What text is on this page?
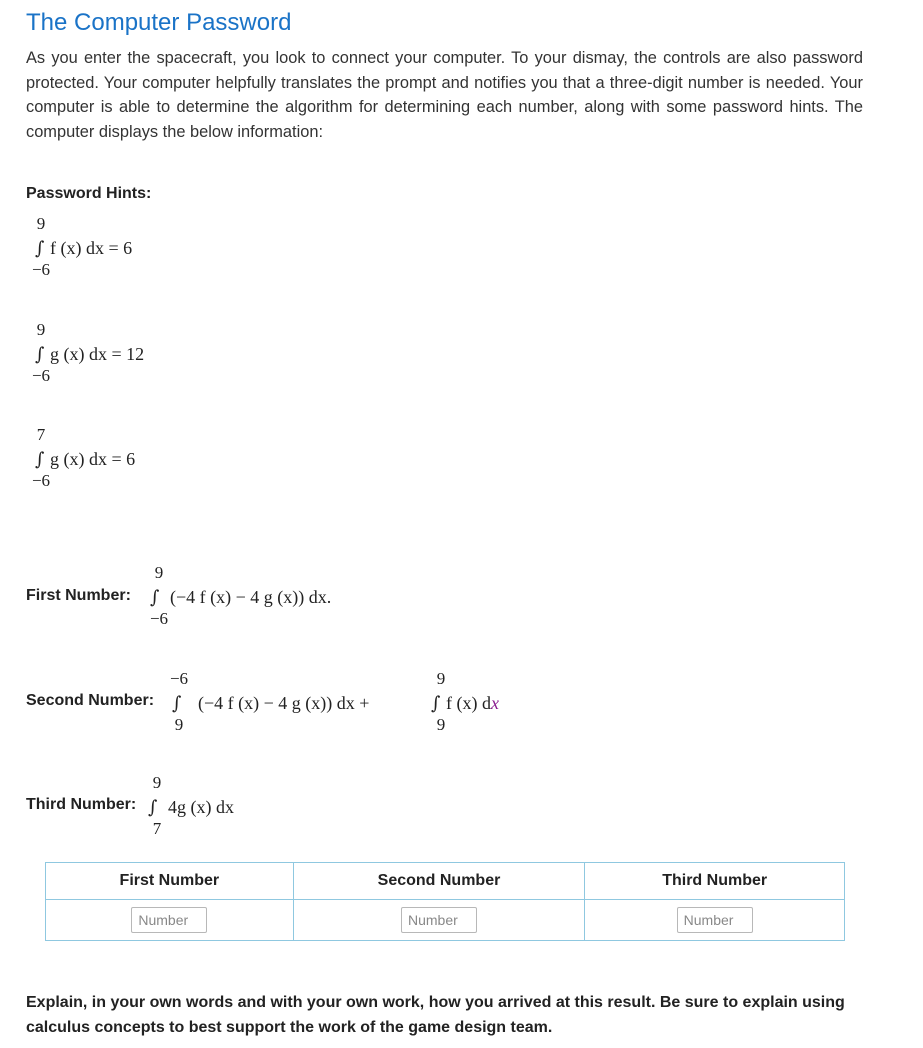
The Computer Password
As you enter the spacecraft, you look to connect your computer. To your dismay, the controls are also password protected. Your computer helpfully translates the prompt and notifies you that a three-digit number is needed. Your computer is able to determine the algorithm for determining each number, along with some password hints. The computer displays the below information:
Password Hints:
9
∫ f (x) dx = 6
−6
9
∫ g (x) dx = 12
−6
7
∫ g (x) dx = 6
−6
First Number:
9
∫ (−4 f (x) − 4 g (x)) dx.
−6
Second Number:
−6
∫ (−4 f (x) − 4 g (x)) dx +
9
9
∫ f (x) dx
9
Third Number:
9
∫ 4g (x) dx
7
First Number	Second Number	Third Number
Number	Number	Number
Explain, in your own words and with your own work, how you arrived at this result. Be sure to explain using calculus concepts to best support the work of the game design team.
